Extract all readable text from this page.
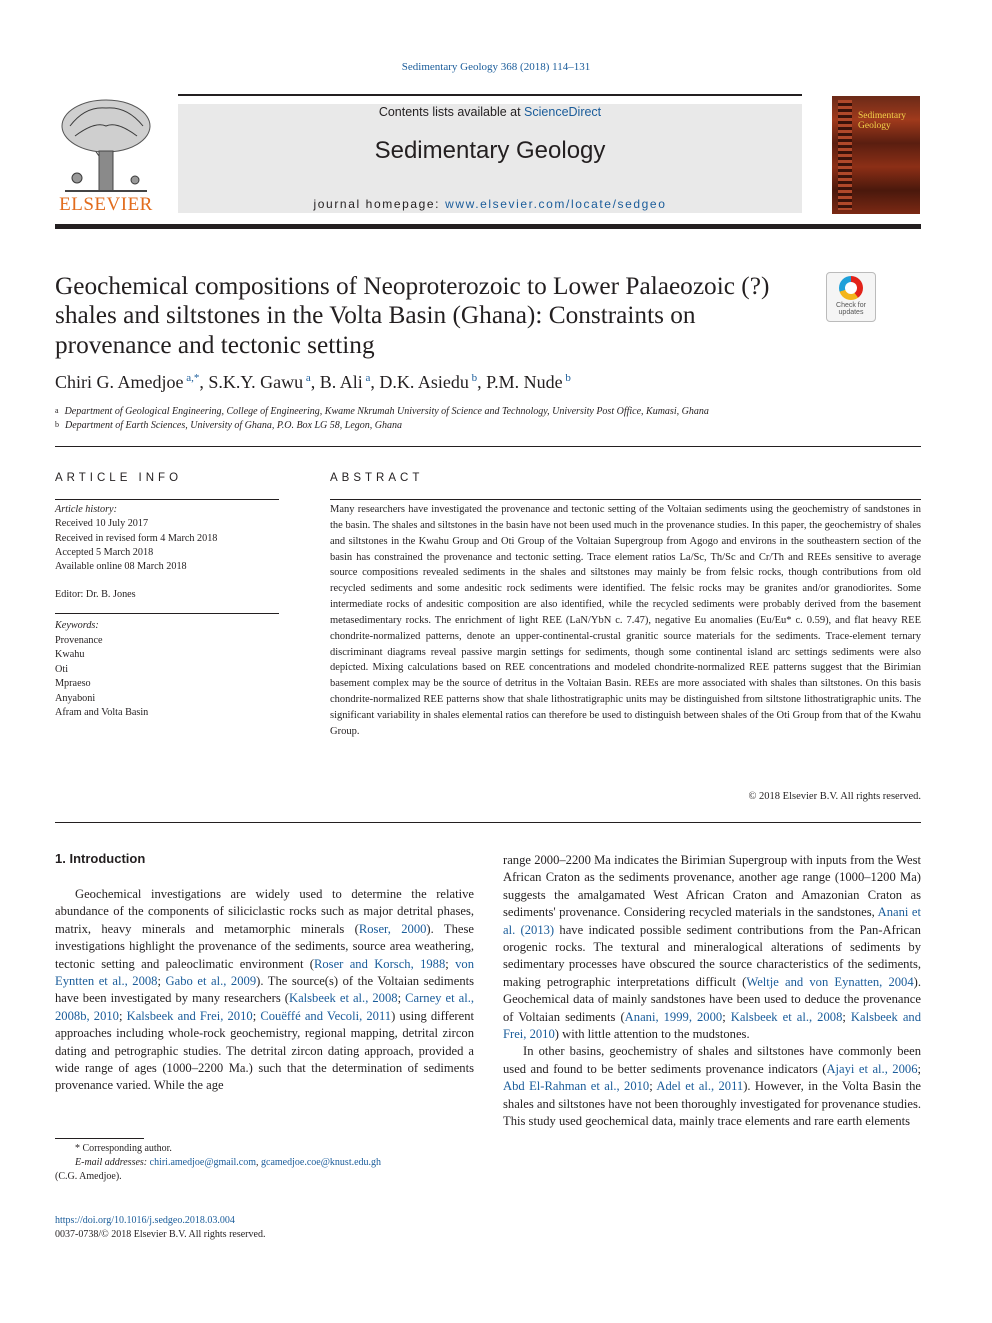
Sedimentary Geology 368 (2018) 114–131
ELSEVIER
Contents lists available at ScienceDirect
Sedimentary Geology
journal homepage: www.elsevier.com/locate/sedgeo
Sedimentary Geology
Geochemical compositions of Neoproterozoic to Lower Palaeozoic (?) shales and siltstones in the Volta Basin (Ghana): Constraints on provenance and tectonic setting
Check for updates
Chiri G. Amedjoe $^{a,*}$, S.K.Y. Gawu $^a$, B. Ali $^a$, D.K. Asiedu $^b$, P.M. Nude $^b$
$^a$ Department of Geological Engineering, College of Engineering, Kwame Nkrumah University of Science and Technology, University Post Office, Kumasi, Ghana
$^b$ Department of Earth Sciences, University of Ghana, P.O. Box LG 58, Legon, Ghana
ARTICLE INFO	ABSTRACT
Article history:
Received 10 July 2017
Received in revised form 4 March 2018
Accepted 5 March 2018
Available online 08 March 2018
Editor: Dr. B. Jones
Keywords:
Provenance
Kwahu
Oti
Mpraeso
Anyaboni
Afram and Volta Basin
Many researchers have investigated the provenance and tectonic setting of the Voltaian sediments using the geochemistry of sandstones in the basin. The shales and siltstones in the basin have not been used much in the provenance studies. In this paper, the geochemistry of shales and siltstones in the Kwahu Group and Oti Group of the Voltaian Supergroup from Agogo and environs in the southeastern section of the basin has constrained the provenance and tectonic setting. Trace element ratios La/Sc, Th/Sc and Cr/Th and REEs sensitive to average source compositions revealed sediments in the shales and siltstones may mainly be from felsic rocks, though contributions from old recycled sediments and some andesitic rock sediments were identified. The felsic rocks may be granites and/or granodiorites. Some intermediate rocks of andesitic composition are also identified, while the recycled sediments were probably derived from the basement metasedimentary rocks. The enrichment of light REE (LaN/YbN c. 7.47), negative Eu anomalies (Eu/Eu* c. 0.59), and flat heavy REE chondrite-normalized patterns, denote an upper-continental-crustal granitic source materials for the sediments. Trace-element ternary discriminant diagrams reveal passive margin settings for sediments, though some continental island arc settings sediments were also depicted. Mixing calculations based on REE concentrations and modeled chondrite-normalized REE patterns suggest that the Birimian basement complex may be the source of detritus in the Voltaian Basin. REEs are more associated with shales than siltstones. On this basis chondrite-normalized REE patterns show that shale lithostratigraphic units may be distinguished from siltstone lithostratigraphic units. The significant variability in shales elemental ratios can therefore be used to distinguish between shales of the Oti Group from that of the Kwahu Group.
© 2018 Elsevier B.V. All rights reserved.
1. Introduction

Geochemical investigations are widely used to determine the relative abundance of the components of siliciclastic rocks such as major detrital phases, matrix, heavy minerals and metamorphic minerals (Roser, 2000). These investigations highlight the provenance of the sediments, source area weathering, tectonic setting and paleoclimatic environment (Roser and Korsch, 1988; von Eyntten et al., 2008; Gabo et al., 2009). The source(s) of the Voltaian sediments have been investigated by many researchers (Kalsbeek et al., 2008; Carney et al., 2008b, 2010; Kalsbeek and Frei, 2010; Couëffé and Vecoli, 2011) using different approaches including whole-rock geochemistry, regional mapping, detrital zircon dating and petrographic studies. The detrital zircon dating approach, provided a wide range of ages (1000–2200 Ma.) such that the determination of sediments provenance varied. While the age

range 2000–2200 Ma indicates the Birimian Supergroup with inputs from the West African Craton as the sediments provenance, another age range (1000–1200 Ma) suggests the amalgamated West African Craton and Amazonian Craton as sediments' provenance. Considering recycled materials in the sandstones, Anani et al. (2013) have indicated possible sediment contributions from the Pan-African orogenic rocks. The textural and mineralogical alterations of sediments by sedimentary processes have obscured the source characteristics of the sediments, making petrographic interpretations difficult (Weltje and von Eynatten, 2004). Geochemical data of mainly sandstones have been used to deduce the provenance of Voltaian sediments (Anani, 1999, 2000; Kalsbeek et al., 2008; Kalsbeek and Frei, 2010) with little attention to the mudstones.

In other basins, geochemistry of shales and siltstones have commonly been used and found to be better sediments provenance indicators (Ajayi et al., 2006; Abd El-Rahman et al., 2010; Adel et al., 2011). However, in the Volta Basin the shales and siltstones have not been thoroughly investigated for provenance studies. This study used geochemical data, mainly trace elements and rare earth elements

* Corresponding author.
E-mail addresses: chiri.amedjoe@gmail.com, gcamedjoe.coe@knust.edu.gh
(C.G. Amedjoe).
https://doi.org/10.1016/j.sedgeo.2018.03.004
0037-0738/© 2018 Elsevier B.V. All rights reserved.
